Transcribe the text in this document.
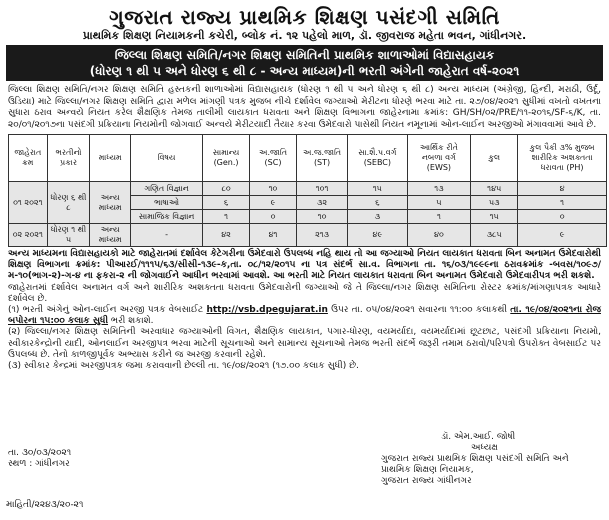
ગુજરાત રાજ્ય પ્રાથમિક શિક્ષણ પસંદગી સમિતિ
પ્રાથમિક શિક્ષણ નિયામકની કચેરી, બ્લોક નં. ૧૨ પહેલો માળ, ડૉ. જીવરાજ મહેતા ભવન, ગાંધીનગર.
જિલ્લા શિક્ષણ સમિતિ/નગર શિક્ષણ સમિતિની પ્રાથમિક શાળાઓમાં વિદ્યાસહાયક
(ધોરણ ૧ થી ૫ અને ધોરણ ૬ થી ૮ - અન્ય માધ્યમ)ની ભરતી અંગેની જાહેરાત વર્ષ-૨૦૨૧
જિલ્લા શિક્ષણ સમિતિ/નગર શિક્ષણ સમિતિ હસ્તકની શાળાઓમાં વિદ્યાસહાયક (ધોરણ ૧ થી ૫ અને ધોરણ ૬ થી ૮) અન્ય માધ્યમ (અંગ્રેજી, હિન્દી, મરાઠી, ઉર્દૂ, ઉડિયા) માટે જિલ્લા/નગર શિક્ષણ સમિતિ દ્વારા મળેલ માંગણી પત્રક મુજબ નીચે દર્શાવેલ જગ્યાઓ મેરીટના ધોરણે ભરવા માટે તા. ૨૭/૦૪/૨૦૨૧ સુધીમાં વખતો વખતના સુધારા ઠરાવ અન્વયે નિયત કરેલ શૈક્ષણિક તેમજ તાલીમી લાયકાત ધરાવતા અને શિક્ષણ વિભાગના જાહેરનામા ક્રમાંક: GH/SH/૦૨/PRE/૧૧-૨૦૧૬/SF-૬/K, તા. ૨૦/૦૧/૨૦૧૭ના પસંદગી પ્રક્રિયાના નિયમોની જોગવાઈ અન્વયે મેરીટયાદી તૈયાર કરવા ઉમેદવારો પાસેથી નિયત નમૂનામાં ઓન-લાઈન અરજીઓ મંગાવવામાં આવે છે.
જાહેરાત ક્રમ	ભરતીનો પ્રકાર	માધ્યમ	વિષય	સામાન્ય (Gen.)	અ.જાતિ (SC)	અ.જ.જાતિ (ST)	સા.શૈ.પ.વર્ગ (SEBC)	આર્થિક રીતે નબળા વર્ગ (EWS)	કુલ	કુલ પૈકી ૩% મુજબ શારીરિક અશક્તતા ધરાવતા (PH)
૦૧ ૨૦૨૧	ધોરણ ૬ થી ૮	અન્ય માધ્યમ	ગણિત વિજ્ઞાન	૮૦	૧૦	૧૦૧	૧૫	૧૩	૧૪૫	૪
			ભાષાઓ	૬	૯	૩૨	૬	૫	૫૩	૧
			સામાજિક વિજ્ઞાન	૧	૦	૧૦	૩	૧	૧૫	૦
૦૨ ૨૦૨૧	ધોરણ ૧ થી ૫	અન્ય માધ્યમ	-	૪૨	૪૧	૨૧૩	૪૯	૪૦	૩૮૫	૯
અન્ય માધ્યમના વિદ્યાસહાયકો માટે જાહેરાતમાં દર્શાવેલ કેટેગરીના ઉમેદવારો ઉપલબ્ધ નહિ થાય તો આ જગ્યાઓ નિયત લાયકાત ધરાવતા બિન અનામત ઉમેદવારોથી શિક્ષણ વિભાગના ક્રમાંક: પીઆરઈ/૧૧૧૫/૬૩/સીસી-૧૩૯-ક,તા. ૦૮/૧૨/૨૦૧૫ ના પત્ર સંદર્ભ સા.વ. વિભાગના તા. ૧૬/૦૩/૧૯૯૯ના ઠરાવક્રમાંક -બવસ/૧૦૯૭/મ-૧૦(ભાગ-૨)-ગ-૪ ના ફકરા-૨ ની જોગવાઈને આધીન ભરવામાં આવશે. આ ભરતી માટે નિયત લાયકાત ધરાવતા બિન અનામત ઉમેદવારો ઉમેદવારીપત્ર ભરી શકશે.
જાહેરાતમાં દર્શાવેલ અનામત વર્ગ અને શારીરિક અશક્તતા ધરાવતા ઉમેદવારોની જગ્યાઓ જે તે જિલ્લા/નગર શિક્ષણ સમિતિના રોસ્ટર ક્રમાંક/માંગણાપત્રક આધારે દર્શાવેલ છે.
(૧) ભરતી અંગેનું ઓન-લાઈન અરજી પત્રક વેબસાઈટ http://vsb.dpegujarat.in ઉપર તા. ૦૫/૦૪/૨૦૨૧ સવારના ૧૧:૦૦ કલાકથી તા. ૧૯/૦૪/૨૦૨૧ના રોજ બપોરના ૧૫:૦૦ કલાક સુધી ભરી શકાશે.
(૨) જિલ્લા/નગર શિક્ષણ સમિતિની અરવાધાર જગ્યાઓની વિગત, શૈક્ષણિક લાયકાત, પગાર-ધોરણ, વયમર્યાદા, વયમર્યાદામાં છૂટછાટ, પસંદગી પ્રક્રિયાના નિયમો, સ્વીકારકેન્દ્રોની યાદી, ઓનલાઈન અરજીપત્ર ભરવા માટેની સૂચનાઓ અને સામાન્ય સૂચનાઓ તેમજ ભરતી સંદર્ભે જરૂરી તમામ ઠરાવો/પરિપત્રો ઉપરોક્ત વેબસાઈટ પર ઉપલબ્ધ છે. તેનો કાળજીપૂર્વક અભ્યાસ કરીને જ અરજી કરવાની રહેશે.
(૩) સ્વીકાર કેન્દ્રમાં અરજીપત્રક જમા કરાવવાની છેલ્લી તા. ૧૯/૦૪/૨૦૨૧ (૧૭.૦૦ કલાક સુધી) છે.
તા. ૩૦/૦૩/૨૦૨૧
સ્થળ : ગાંધીનગર
ડૉ. એમ.આઈ. જોષી
અધ્યક્ષ
ગુજરાત રાજ્ય પ્રાથમિક શિક્ષણ પસંદગી સમિતિ અને
પ્રાથમિક શિક્ષણ નિયામક,
ગુજરાત રાજ્ય ગાંધીનગર
માહિતી/૨૨૪૩/૨૦-૨૧
